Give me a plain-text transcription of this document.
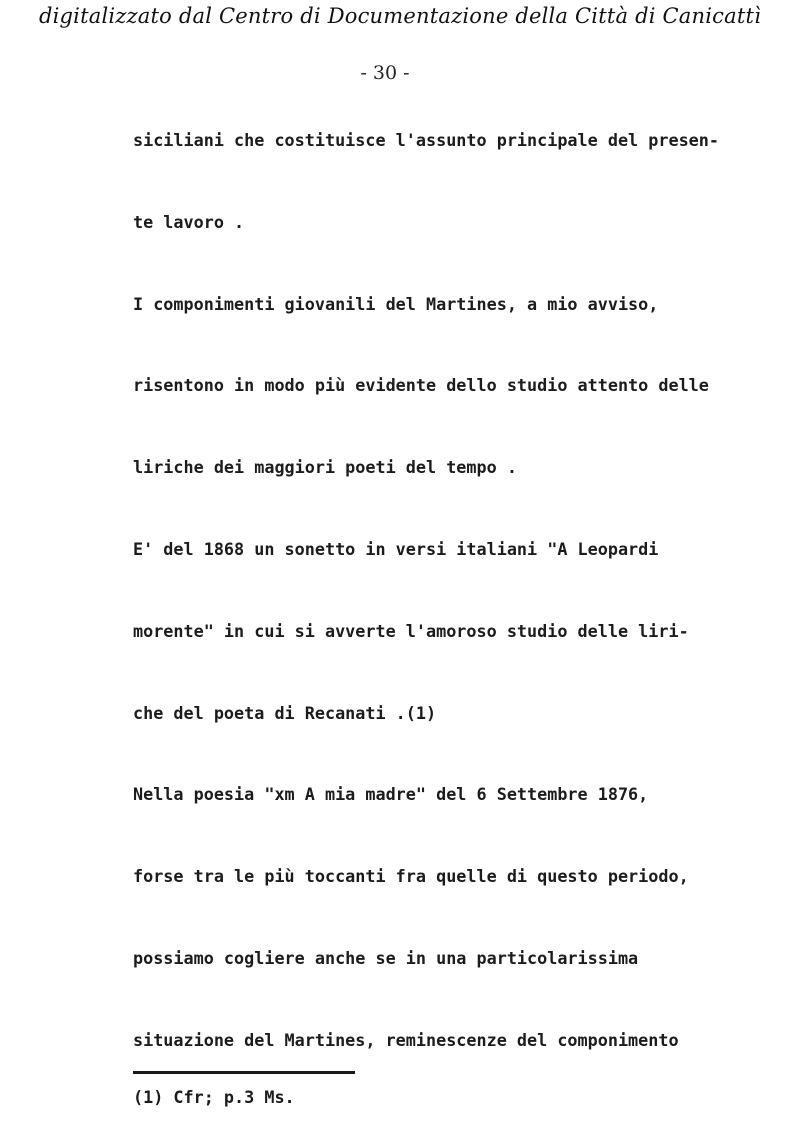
digitalizzato dal Centro di Documentazione della Città di Canicattì
- 30 -
siciliani che costituisce l'assunto principale del presen-
te lavoro .
I componimenti giovanili del Martines, a mio avviso,
risentono in modo più evidente dello studio attento delle
liriche dei maggiori poeti del tempo .
E' del 1868 un sonetto in versi italiani "A Leopardi
morente" in cui si avverte l'amoroso studio delle liri-
che del poeta di Recanati .(1)
Nella poesia "xm A mia madre" del 6 Settembre 1876,
forse tra le più toccanti fra quelle di questo periodo,
possiamo cogliere anche se in una particolarissima
situazione del Martines, reminescenze del componimento
(1) Cfr; p.3 Ms.
